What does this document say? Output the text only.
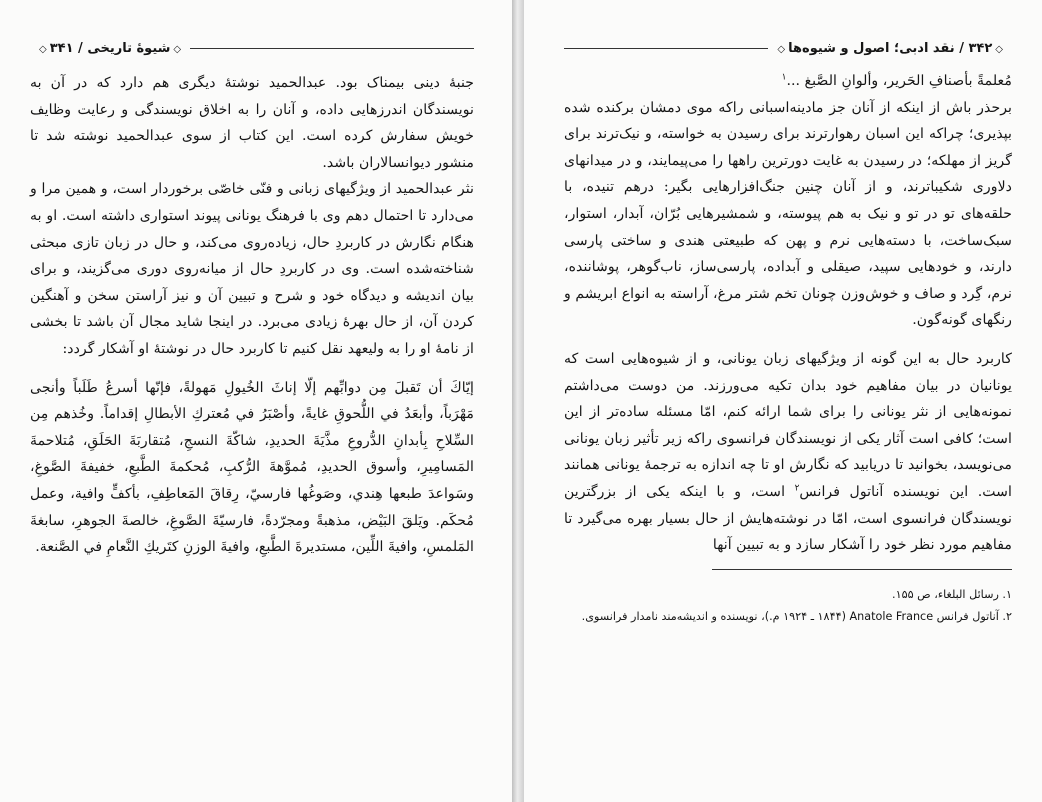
◇شیوهٔ تاریخی / ۳۴۱◇

جنبهٔ دینی بیمناک بود. عبدالحمید نوشتهٔ دیگری هم دارد که در آن به نویسندگان اندرزهایی داده، و آنان را به اخلاق نویسندگی و رعایت وظایف خویش سفارش کرده است. این کتاب از سوی عبدالحمید نوشته شد تا منشور دیوانسالاران باشد.

نثر عبدالحمید از ویژگیهای زبانی و فنّی خاصّی برخوردار است، و همین مرا و می‌دارد تا احتمال دهم وی با فرهنگ یونانی پیوند استواری داشته است. او به هنگام نگارش در کاربردِ حال، زیاده‌روی می‌کند، و حال در زبان تازی مبحثی شناخته‌شده است. وی در کاربردِ حال از میانه‌روی دوری می‌گزیند، و برای بیان اندیشه و دیدگاه خود و شرح و تبیین آن و نیز آراستن سخن و آهنگین کردن آن، از حال بهرهٔ زیادی می‌برد. در اینجا شاید مجال آن باشد تا بخشی از نامهٔ او را به ولیعهد نقل کنیم تا کاربرد حال در نوشتهٔ او آشکار گردد:

إيّاكَ أن تَقبلَ مِن دوابِّهم إلّا إناثَ الخُيولِ مَهولةً، فإنّها أسرعُ طَلَباً وأنجى مَهْرَباً، وأبعَدُ في اللُّحوقِ غايةً، وأصْبَرُ في مُعتركِ الأبطالِ إقداماً. وخُذهم مِن السِّلاحِ بِأبدانِ الدُّروعِ مذَّيَةَ الحديدِ، شاكّةَ النسجِ، مُتقاربَةَ الحَلَقِ، مُتلاحمةَ المَسامِيرِ، وأسوق الحديدِ، مُموَّهةَ الرُّكبِ، مُحكمةَ الطَّبعِ، خفيفةَ الصَّوغِ، وسَواعدَ طبعها هِندي، وصَوغُها فارسيّ، رِقاقَ المَعاطِفِ، بأكفٍّ وافية، وعمل مُحكَم. ويَلقَ البَيْض، مذهبةً ومجرّدةً، فارسيّةَ الصَّوغِ، خالصةَ الجوهرِ، سابغةَ المَلمسِ، وافيةَ اللِّين، مستديرةَ الطَّبعِ، وافيةَ الوزنِ كتَريكِ النَّعامِ في الصَّنعة.

◇۳۴۲ / نقد ادبی؛ اصول و شیوه‌ها◇

مُعلمةً بأصنافِ الحَرير، وألوانِ الصَّبغ ...$^۱$

برحذر باش از اینکه از آنان جز مادینه‌اسبانی راکه موی دمشان برکنده شده بپذیری؛ چراکه این اسبان رهوارترند برای رسیدن به خواسته، و نیک‌ترند برای گریز از مهلکه؛ در رسیدن به غایت دورترین راهها را می‌پیمایند، و در میدانهای دلاوری شکیباترند، و از آنان چنین جنگ‌افزارهایی بگیر: درهم تنیده، با حلقه‌های تو در تو و نیک به هم پیوسته، و شمشیرهایی بُرّان، آبدار، استوار، سبک‌ساخت، با دسته‌هایی نرم و پهن که طبیعتی هندی و ساختی پارسی دارند، و خودهایی سپید، صیقلی و آبداده، پارسی‌ساز، ناب‌گوهر، پوشاننده، نرم، گِرد و صاف و خوش‌وزن چونان تخم شتر مرغ، آراسته به انواع ابریشم و رنگهای گونه‌گون.

کاربرد حال به این گونه از ویژگیهای زبان یونانی، و از شیوه‌هایی است که یونانیان در بیان مفاهیم خود بدان تکیه می‌ورزند. من دوست می‌داشتم نمونه‌هایی از نثر یونانی را برای شما ارائه کنم، امّا مسئله ساده‌تر از این است؛ کافی است آثار یکی از نویسندگان فرانسوی راکه زیر تأثیر زبان یونانی می‌نویسد، بخوانید تا دریابید که نگارش او تا چه اندازه به ترجمهٔ یونانی همانند است. این نویسنده آناتول فرانس$^۲$ است، و با اینکه یکی از بزرگترین نویسندگان فرانسوی است، امّا در نوشته‌هایش از حال بسیار بهره می‌گیرد تا مفاهیم مورد نظر خود را آشکار سازد و به تبیین آنها

۱. رسائل البلغاء، ص ۱۵۵.

۲. آناتول فرانس Anatole France (۱۸۴۴ ـ ۱۹۲۴ م.)، نویسنده و اندیشه‌مند نامدار فرانسوی.
